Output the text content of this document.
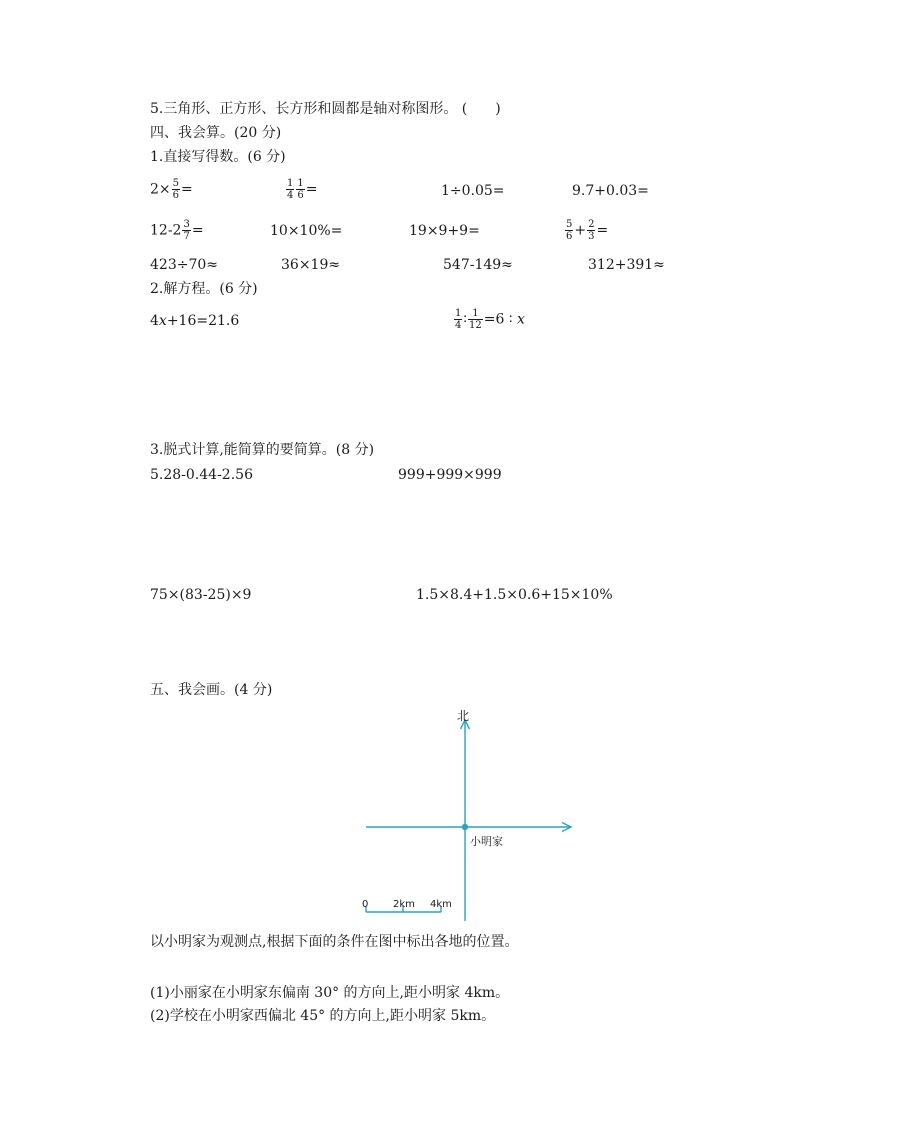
5.三角形、正方形、长方形和圆都是轴对称图形。 (　　)
四、我会算。(20 分)
1.直接写得数。(6 分)
$2\times \frac{5}{6}$ =	$\frac{1}{4} \frac{1}{6}$ =	1÷0.05=	9.7+0.03=
$12-2 \frac{3}{7}$ =	10×10%=	19×9+9=	$\frac{5}{6} + \frac{2}{3}$ =
423÷70≈	36×19≈	547-149≈	312+391≈
2.解方程。(6 分)
4x+16=21.6	$\frac{1}{4}$ ∶ $\frac{1}{12} =6$ ∶ x
3.脱式计算,能简算的要简算。(8 分)
5.28-0.44-2.56	999+999×999
75×(83-25)×9	1.5×8.4+1.5×0.6+15×10%
五、我会画。(4 分)
北
小明家
0 2km 4km
以小明家为观测点,根据下面的条件在图中标出各地的位置。
(1)小丽家在小明家东偏南 30° 的方向上,距小明家 4km。
(2)学校在小明家西偏北 45° 的方向上,距小明家 5km。
